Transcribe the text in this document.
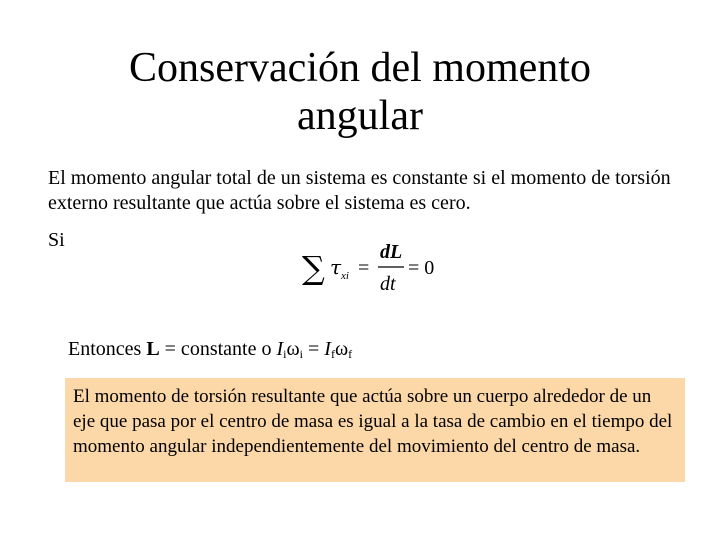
Conservación del momento
angular
El momento angular total de un sistema es constante si el momento de torsión externo resultante que actúa sobre el sistema es cero.
Si
∑ τ xi =
dL
dt
= 0
Entonces L = constante o $I_i\omega_i = I_f\omega_f$

El momento de torsión resultante que actúa sobre un cuerpo alrededor de un eje que pasa por el centro de masa es igual a la tasa de cambio en el tiempo del momento angular independientemente del movimiento del centro de masa.
